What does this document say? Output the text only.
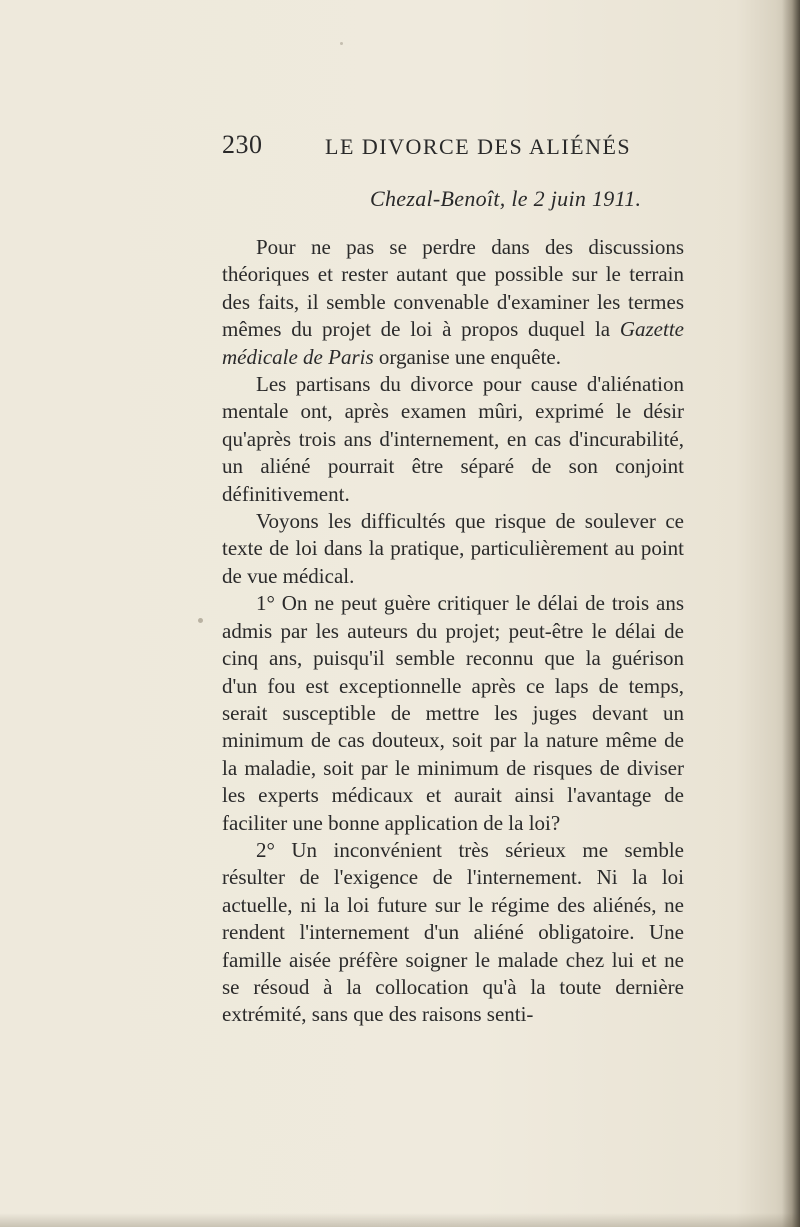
230	LE DIVORCE DES ALIÉNÉS
Chezal-Benoît, le 2 juin 1911.

Pour ne pas se perdre dans des discussions théoriques et rester autant que possible sur le terrain des faits, il semble convenable d'examiner les termes mêmes du projet de loi à propos duquel la Gazette médicale de Paris organise une enquête.

Les partisans du divorce pour cause d'aliénation mentale ont, après examen mûri, exprimé le désir qu'après trois ans d'internement, en cas d'incurabilité, un aliéné pourrait être séparé de son conjoint définitivement.

Voyons les difficultés que risque de soulever ce texte de loi dans la pratique, particulièrement au point de vue médical.

1° On ne peut guère critiquer le délai de trois ans admis par les auteurs du projet; peut-être le délai de cinq ans, puisqu'il semble reconnu que la guérison d'un fou est exceptionnelle après ce laps de temps, serait susceptible de mettre les juges devant un minimum de cas douteux, soit par la nature même de la maladie, soit par le minimum de risques de diviser les experts médicaux et aurait ainsi l'avantage de faciliter une bonne application de la loi?

2° Un inconvénient très sérieux me semble résulter de l'exigence de l'internement. Ni la loi actuelle, ni la loi future sur le régime des aliénés, ne rendent l'internement d'un aliéné obligatoire. Une famille aisée préfère soigner le malade chez lui et ne se résoud à la collocation qu'à la toute dernière extrémité, sans que des raisons senti-
